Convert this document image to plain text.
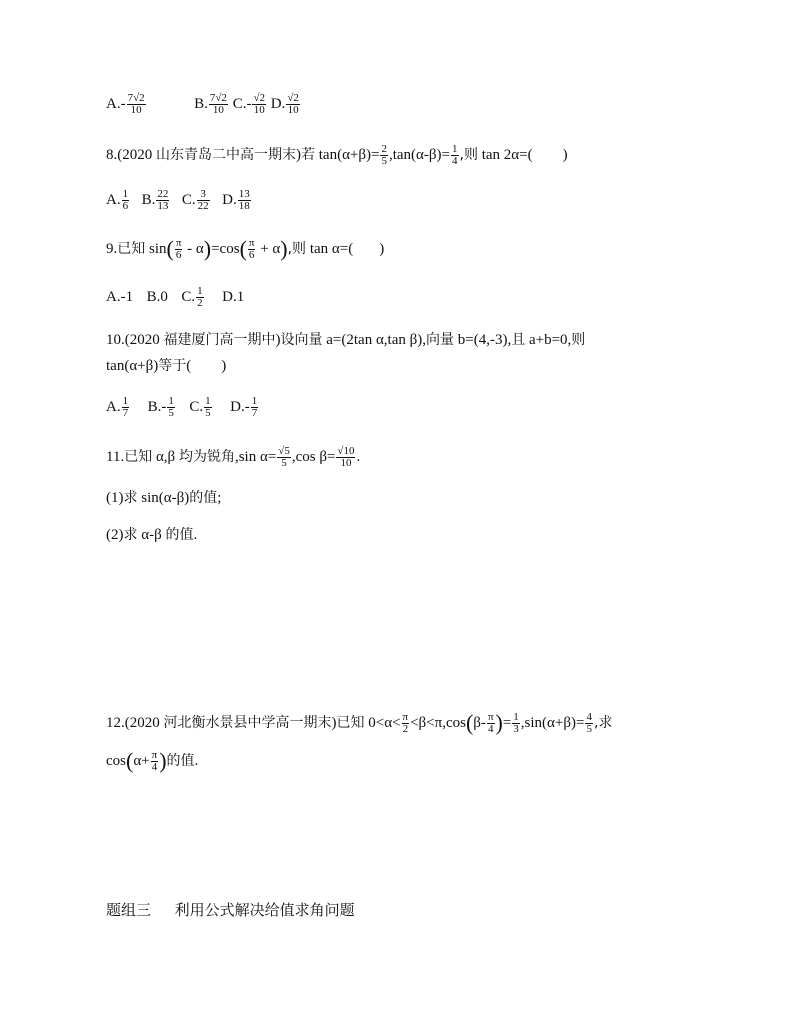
$A.- \frac{7√2}{10}$	B. $\frac{7√2}{10} C.- \frac{√2}{10} D$. $\frac{√2}{10}$
8.(2020 山东青岛二中高一期末)若 $\tan(\alpha+\beta)= \frac{2}{5} ,\tan(\alpha-\beta)= \frac{1}{4}$ ,则 tan 2α=( )
A. $\frac{1}{6} B$. $\frac{22}{13} C$. $\frac{3}{22} D$. $\frac{13}{18}$
9.已知 $\sin( \frac{\pi}{6} - \alpha)=\cos( \frac{\pi}{6} + \alpha)$,则 tan α=( )
A.-1 B.0 C. $\frac{1}{2} D.1$
10.(2020 福建厦门高一期中)设向量 a=(2tan α,tan β),向量 b=(4,-3),且 a+b=0,则
tan(α+β)等于( )
A. $\frac{1}{7} B.- \frac{1}{5} C$. $\frac{1}{5} D.- \frac{1}{7}$
11.已知 α,β 均为锐角,sin $\alpha= \frac{√5}{5} ,\cos$ $\beta= \frac{√10}{10}$ .
(1)求 sin(α-β)的值;
(2)求 α-β 的值.
12.(2020 河北衡水景县中学高一期末)已知 $0<\alpha< \frac{\pi}{2} <\beta<\pi,\cos(\beta- \frac{\pi}{4}$ )= $\frac{1}{3} ,\sin(\alpha+\beta)= \frac{4}{5}$ ,求
$\cos(\alpha+ \frac{\pi}{4}$ )的值.
题组三 利用公式解决给值求角问题
